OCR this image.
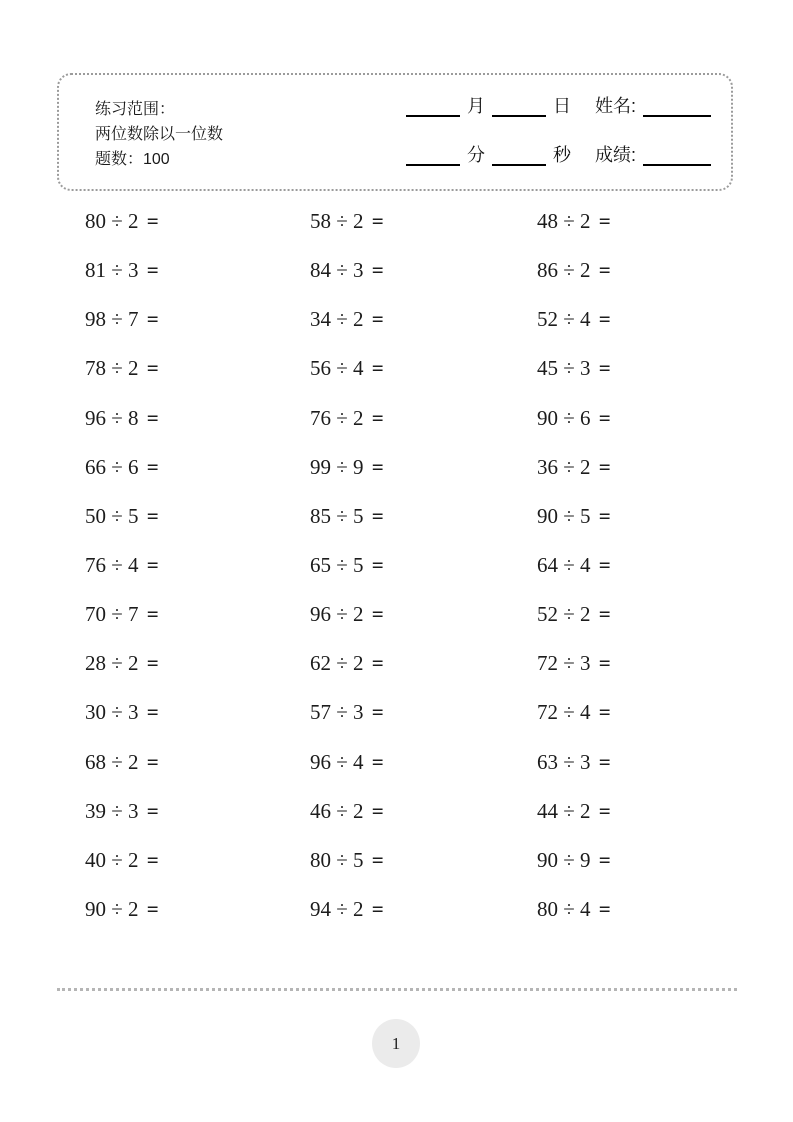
练习范围：
两位数除以一位数
题数：100
月	日 姓名:
分	秒 成绩:
80 ÷ 2 =	58 ÷ 2 =	48 ÷ 2 =
81 ÷ 3 =	84 ÷ 3 =	86 ÷ 2 =
98 ÷ 7 =	34 ÷ 2 =	52 ÷ 4 =
78 ÷ 2 =	56 ÷ 4 =	45 ÷ 3 =
96 ÷ 8 =	76 ÷ 2 =	90 ÷ 6 =
66 ÷ 6 =	99 ÷ 9 =	36 ÷ 2 =
50 ÷ 5 =	85 ÷ 5 =	90 ÷ 5 =
76 ÷ 4 =	65 ÷ 5 =	64 ÷ 4 =
70 ÷ 7 =	96 ÷ 2 =	52 ÷ 2 =
28 ÷ 2 =	62 ÷ 2 =	72 ÷ 3 =
30 ÷ 3 =	57 ÷ 3 =	72 ÷ 4 =
68 ÷ 2 =	96 ÷ 4 =	63 ÷ 3 =
39 ÷ 3 =	46 ÷ 2 =	44 ÷ 2 =
40 ÷ 2 =	80 ÷ 5 =	90 ÷ 9 =
90 ÷ 2 =	94 ÷ 2 =	80 ÷ 4 =
1
